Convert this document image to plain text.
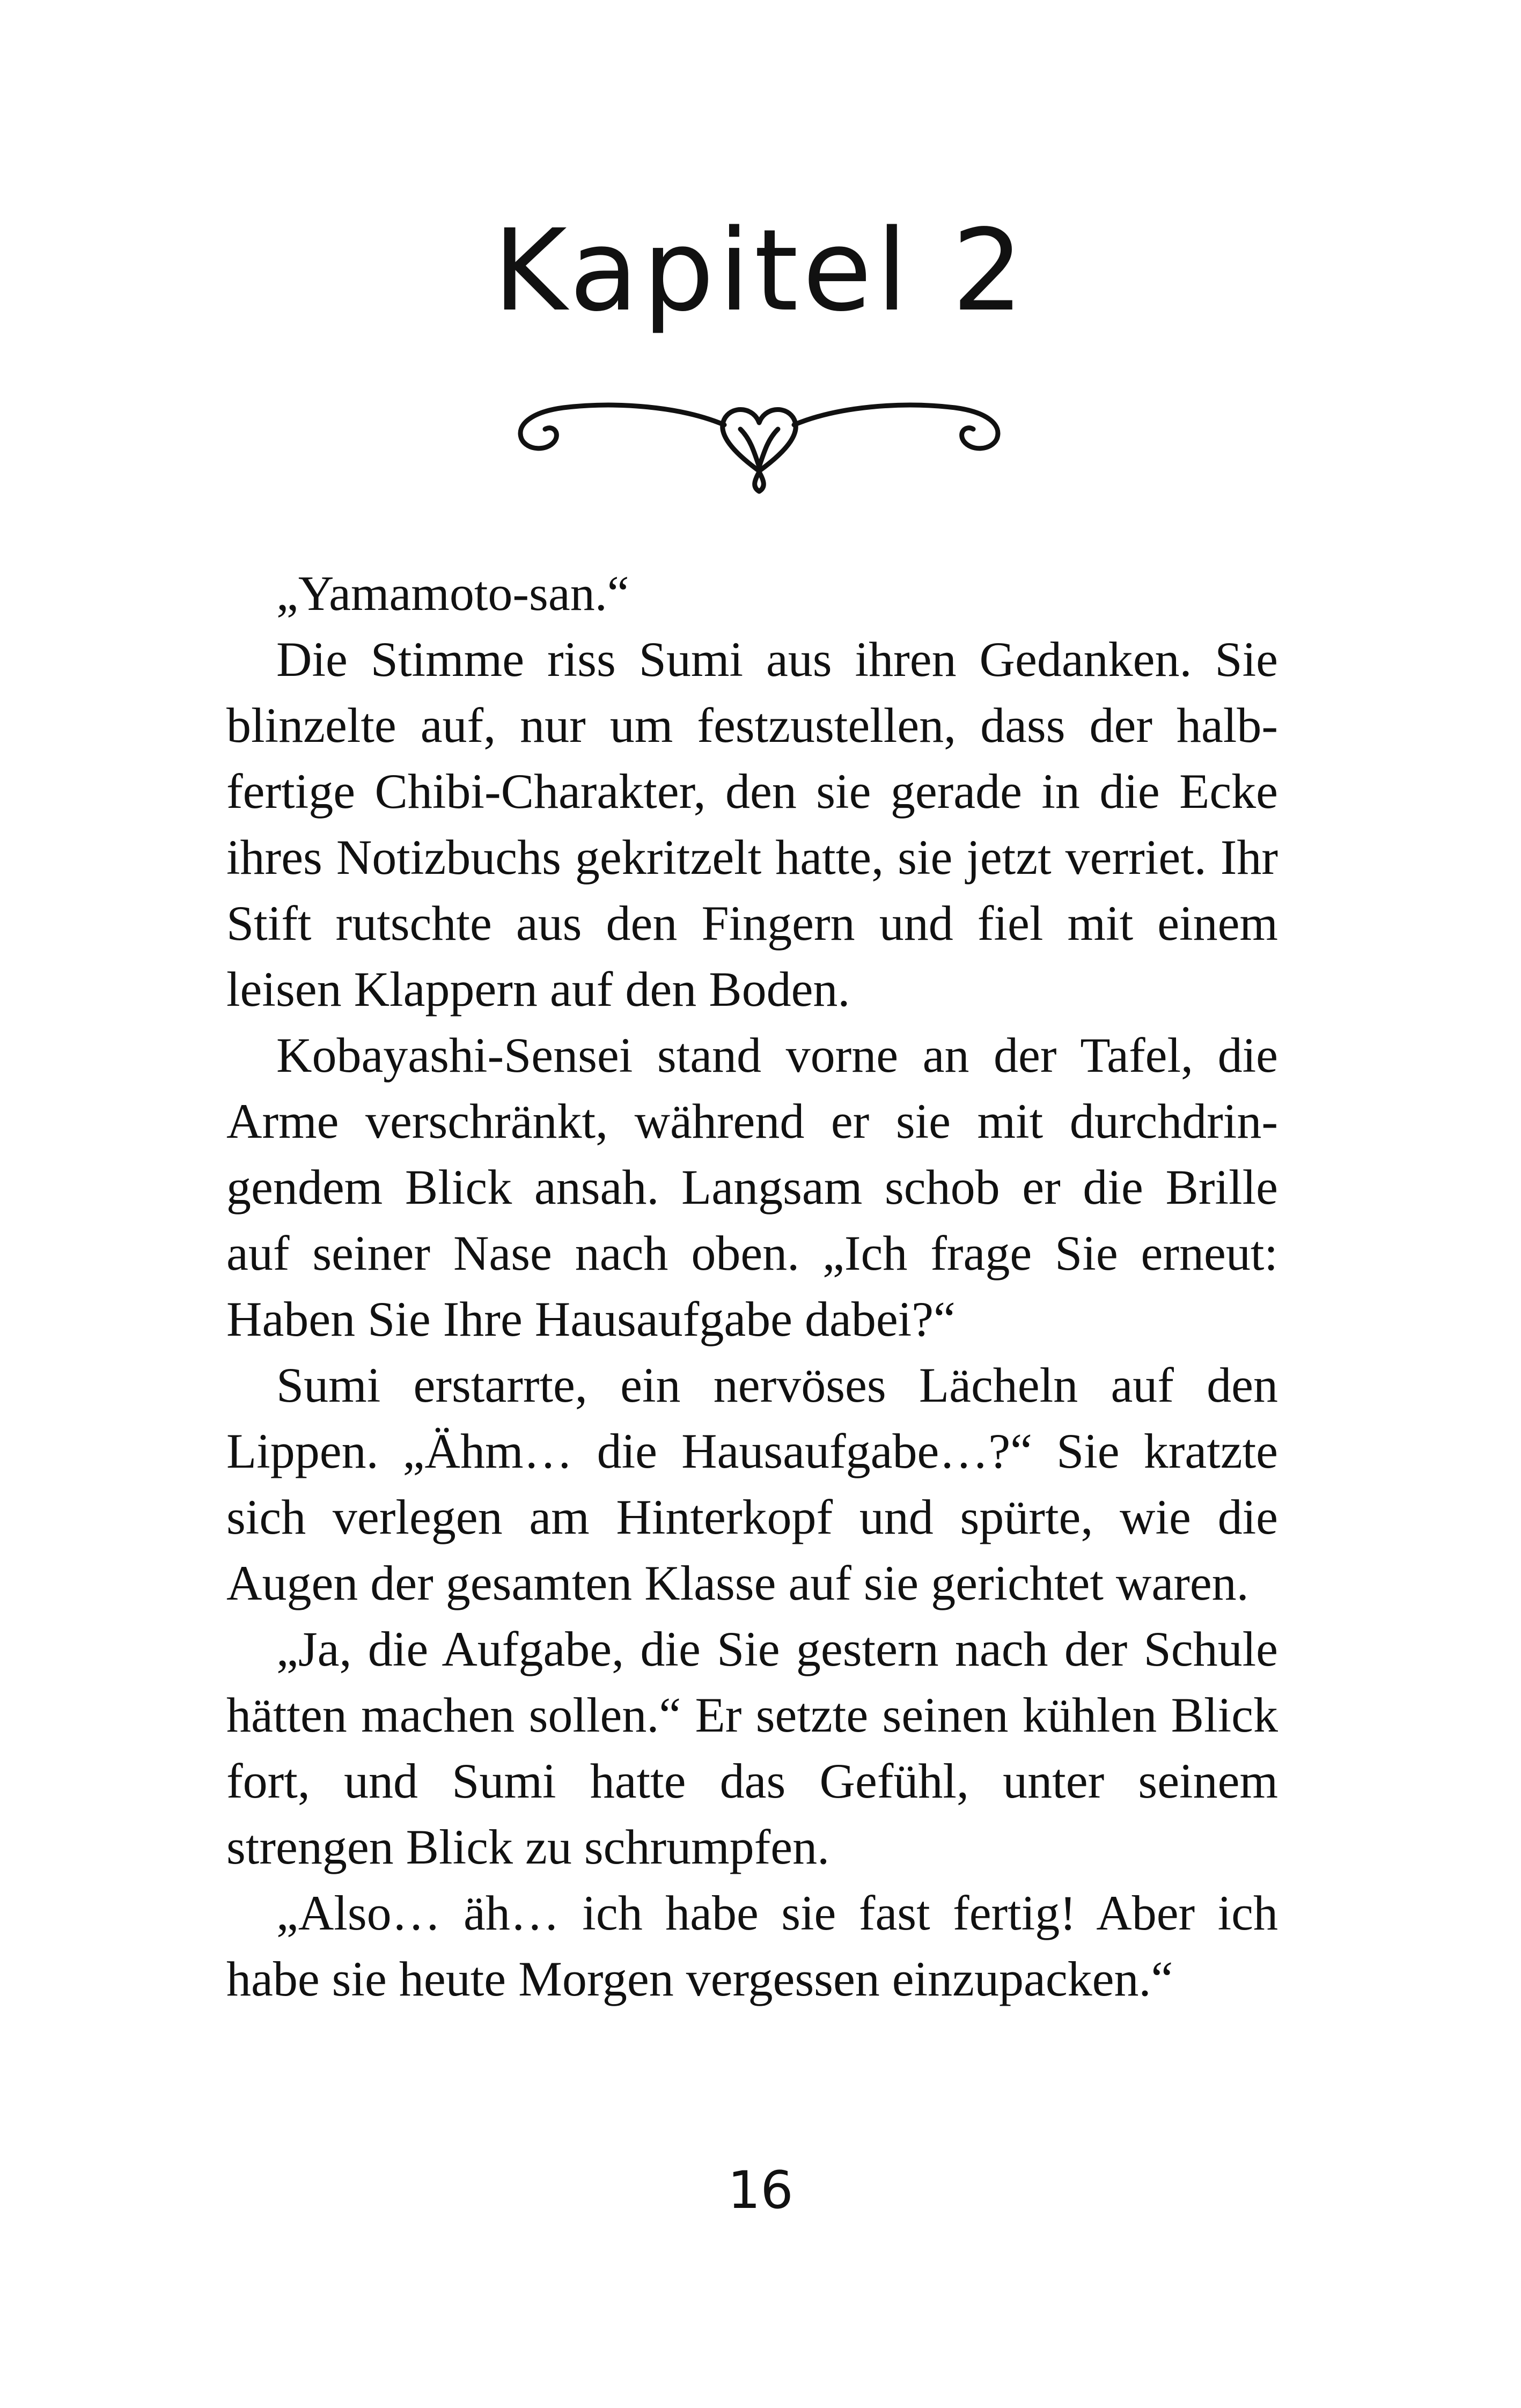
Kapitel 2

„Yamamoto-san.“

Die Stimme riss Sumi aus ihren Gedanken. Sie blinzelte auf, nur um festzustellen, dass der halbfertige Chibi-Charakter, den sie gerade in die Ecke ihres Notizbuchs gekritzelt hatte, sie jetzt verriet. Ihr Stift rutschte aus den Fingern und fiel mit einem leisen Klappern auf den Boden.

Kobayashi-Sensei stand vorne an der Tafel, die Arme verschränkt, während er sie mit durchdringendem Blick ansah. Langsam schob er die Brille auf seiner Nase nach oben. „Ich frage Sie erneut: Haben Sie Ihre Hausaufgabe dabei?“

Sumi erstarrte, ein nervöses Lächeln auf den Lippen. „Ähm… die Hausaufgabe…?“ Sie kratzte sich verlegen am Hinterkopf und spürte, wie die Augen der gesamten Klasse auf sie gerichtet waren.

„Ja, die Aufgabe, die Sie gestern nach der Schule hätten machen sollen.“ Er setzte seinen kühlen Blick fort, und Sumi hatte das Gefühl, unter seinem strengen Blick zu schrumpfen.

„Also… äh… ich habe sie fast fertig! Aber ich habe sie heute Morgen vergessen einzupacken.“

16
